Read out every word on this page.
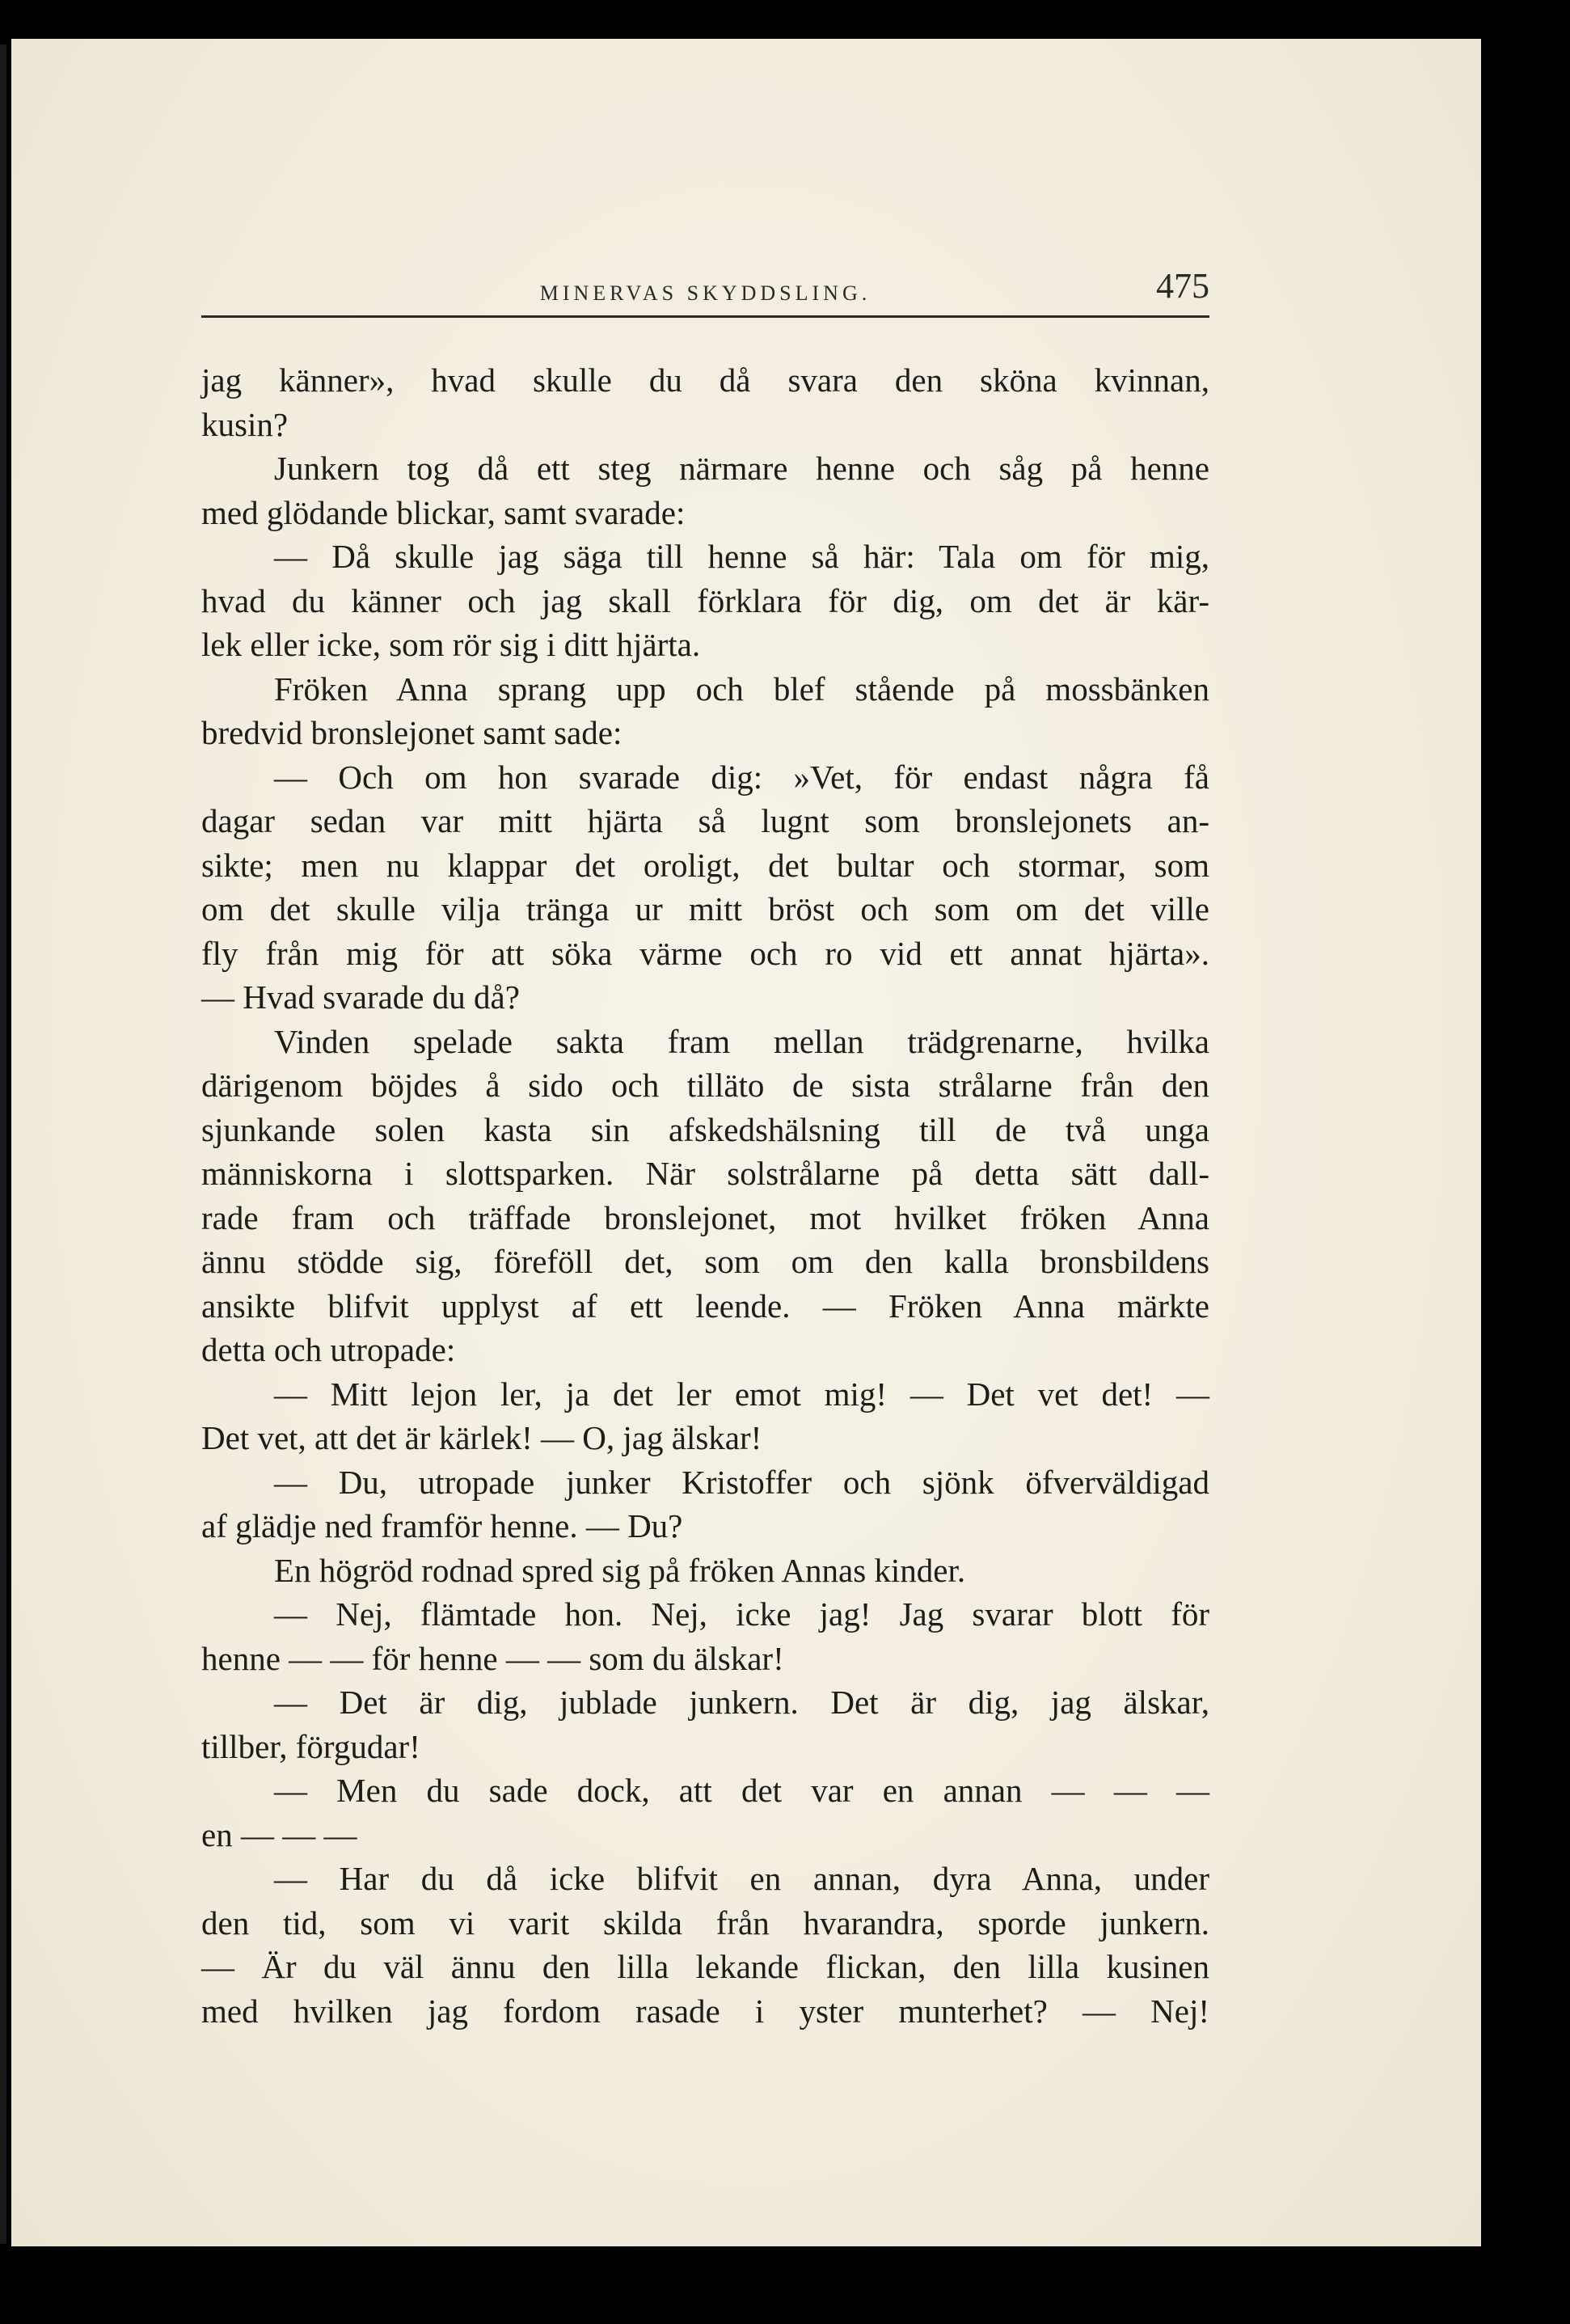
MINERVAS SKYDDSLING.	475
jag känner», hvad skulle du då svara den sköna kvinnan,
kusin?
Junkern tog då ett steg närmare henne och såg på henne
med glödande blickar, samt svarade:
— Då skulle jag säga till henne så här: Tala om för mig,
hvad du känner och jag skall förklara för dig, om det är kär-
lek eller icke, som rör sig i ditt hjärta.
Fröken Anna sprang upp och blef stående på mossbänken
bredvid bronslejonet samt sade:
— Och om hon svarade dig: »Vet, för endast några få
dagar sedan var mitt hjärta så lugnt som bronslejonets an-
sikte; men nu klappar det oroligt, det bultar och stormar, som
om det skulle vilja tränga ur mitt bröst och som om det ville
fly från mig för att söka värme och ro vid ett annat hjärta».
— Hvad svarade du då?
Vinden spelade sakta fram mellan trädgrenarne, hvilka
därigenom böjdes å sido och tilläto de sista strålarne från den
sjunkande solen kasta sin afskedshälsning till de två unga
människorna i slottsparken. När solstrålarne på detta sätt dall-
rade fram och träffade bronslejonet, mot hvilket fröken Anna
ännu stödde sig, föreföll det, som om den kalla bronsbildens
ansikte blifvit upplyst af ett leende. — Fröken Anna märkte
detta och utropade:
— Mitt lejon ler, ja det ler emot mig! — Det vet det! —
Det vet, att det är kärlek! — O, jag älskar!
— Du, utropade junker Kristoffer och sjönk öfverväldigad
af glädje ned framför henne. — Du?
En högröd rodnad spred sig på fröken Annas kinder.
— Nej, flämtade hon. Nej, icke jag! Jag svarar blott för
henne — — för henne — — som du älskar!
— Det är dig, jublade junkern. Det är dig, jag älskar,
tillber, förgudar!
— Men du sade dock, att det var en annan — — —
en — — —
— Har du då icke blifvit en annan, dyra Anna, under
den tid, som vi varit skilda från hvarandra, sporde junkern.
— Är du väl ännu den lilla lekande flickan, den lilla kusinen
med hvilken jag fordom rasade i yster munterhet? — Nej!
